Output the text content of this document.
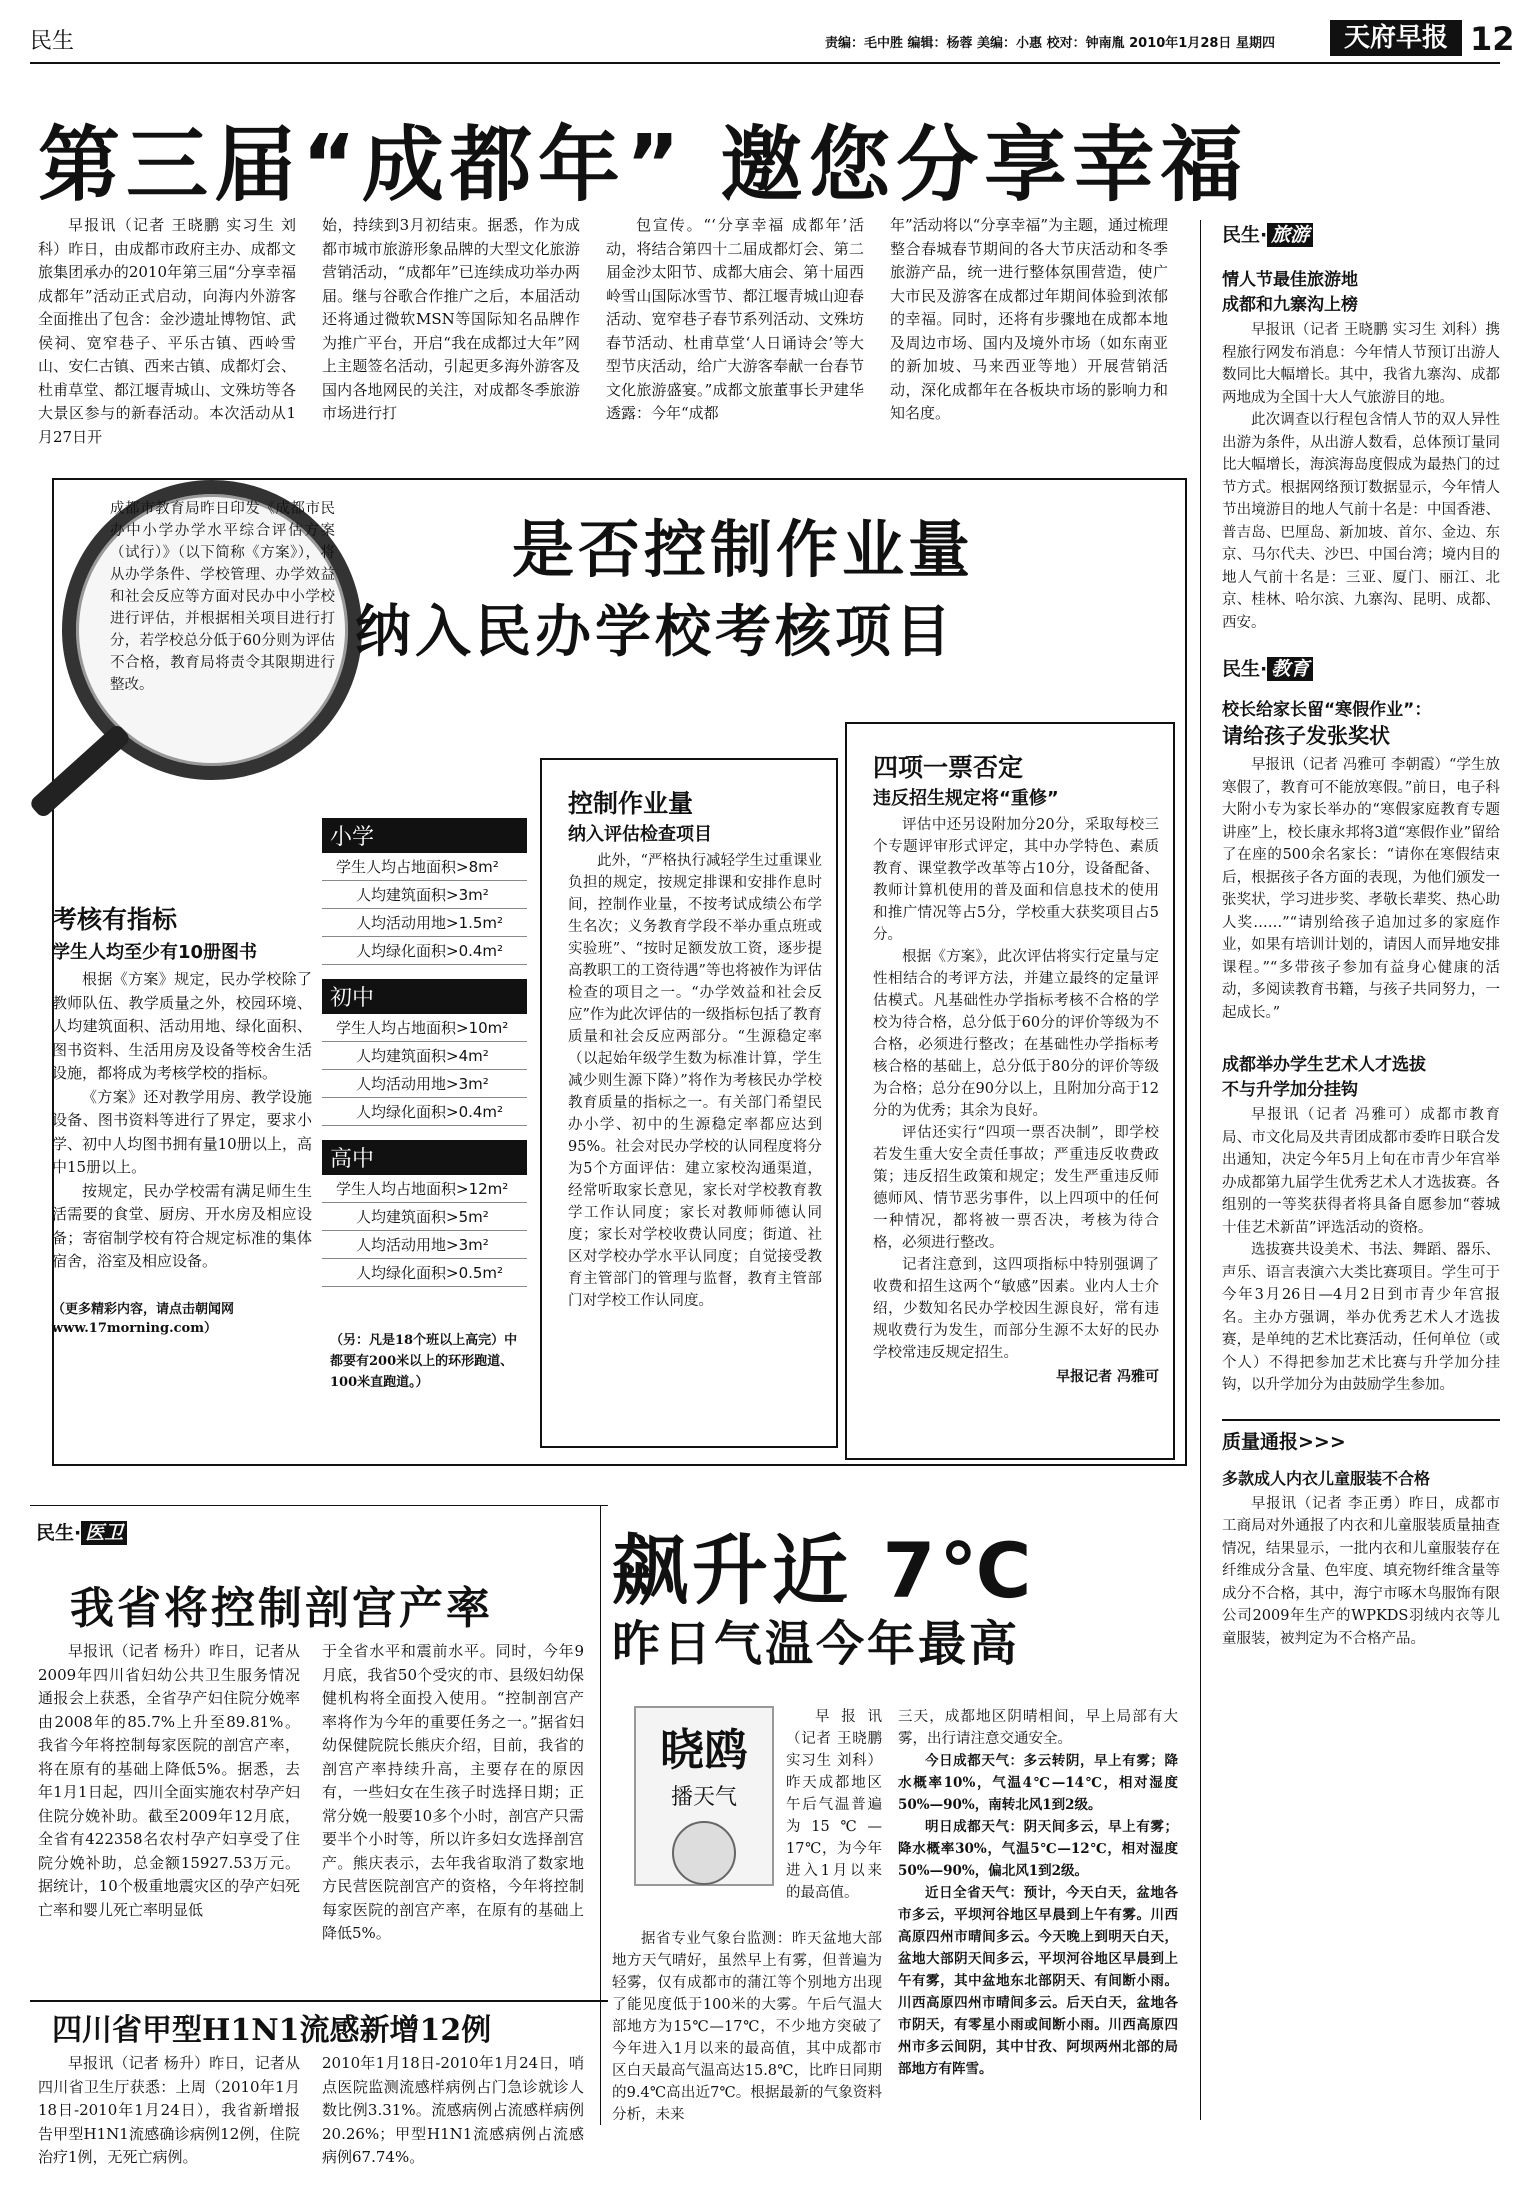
民生	责编：毛中胜 编辑：杨蓉 美编：小惠 校对：钟南胤 2010年1月28日 星期四	天府早报 12
第三届“成都年” 邀您分享幸福

早报讯（记者 王晓鹏 实习生 刘科）昨日，由成都市政府主办、成都文旅集团承办的2010年第三届“分享幸福 成都年”活动正式启动，向海内外游客全面推出了包含：金沙遗址博物馆、武侯祠、宽窄巷子、平乐古镇、西岭雪山、安仁古镇、西来古镇、成都灯会、杜甫草堂、都江堰青城山、文殊坊等各大景区参与的新春活动。本次活动从1月27日开

始，持续到3月初结束。据悉，作为成都市城市旅游形象品牌的大型文化旅游营销活动，“成都年”已连续成功举办两届。继与谷歌合作推广之后，本届活动还将通过微软MSN等国际知名品牌作为推广平台，开启“我在成都过大年”网上主题签名活动，引起更多海外游客及国内各地网民的关注，对成都冬季旅游市场进行打

包宣传。“‘分享幸福 成都年’活动，将结合第四十二届成都灯会、第二届金沙太阳节、成都大庙会、第十届西岭雪山国际冰雪节、都江堰青城山迎春活动、宽窄巷子春节系列活动、文殊坊春节活动、杜甫草堂‘人日诵诗会’等大型节庆活动，给广大游客奉献一台春节文化旅游盛宴。”成都文旅董事长尹建华透露：今年“成都

年”活动将以“分享幸福”为主题，通过梳理整合春城春节期间的各大节庆活动和冬季旅游产品，统一进行整体氛围营造，使广大市民及游客在成都过年期间体验到浓郁的幸福。同时，还将有步骤地在成都本地及周边市场、国内及境外市场（如东南亚的新加坡、马来西亚等地）开展营销活动，深化成都年在各板块市场的影响力和知名度。

成都市教育局昨日印发《成都市民办中小学办学水平综合评估方案（试行）》（以下简称《方案》），将从办学条件、学校管理、办学效益和社会反应等方面对民办中小学校进行评估，并根据相关项目进行打分，若学校总分低于60分则为评估不合格，教育局将责令其限期进行整改。
是否控制作业量
纳入民办学校考核项目
考核有指标
学生人均至少有10册图书

根据《方案》规定，民办学校除了教师队伍、教学质量之外，校园环境、人均建筑面积、活动用地、绿化面积、图书资料、生活用房及设备等校舍生活设施，都将成为考核学校的指标。

《方案》还对教学用房、教学设施设备、图书资料等进行了界定，要求小学、初中人均图书拥有量10册以上，高中15册以上。

按规定，民办学校需有满足师生生活需要的食堂、厨房、开水房及相应设备；寄宿制学校有符合规定标准的集体宿舍，浴室及相应设备。

（更多精彩内容，请点击朝闻网 www.17morning.com）
小学
学生人均占地面积>8m²
人均建筑面积>3m²
人均活动用地>1.5m²
人均绿化面积>0.4m²
初中
学生人均占地面积>10m²
人均建筑面积>4m²
人均活动用地>3m²
人均绿化面积>0.4m²
高中
学生人均占地面积>12m²
人均建筑面积>5m²
人均活动用地>3m²
人均绿化面积>0.5m²
（另：凡是18个班以上高完）中都要有200米以上的环形跑道、100米直跑道。）
控制作业量
纳入评估检查项目

此外，“严格执行减轻学生过重课业负担的规定，按规定排课和安排作息时间，控制作业量，不按考试成绩公布学生名次；义务教育学段不举办重点班或实验班”、“按时足额发放工资，逐步提高教职工的工资待遇”等也将被作为评估检查的项目之一。“办学效益和社会反应”作为此次评估的一级指标包括了教育质量和社会反应两部分。“生源稳定率（以起始年级学生数为标准计算，学生减少则生源下降）”将作为考核民办学校教育质量的指标之一。有关部门希望民办小学、初中的生源稳定率都应达到95%。社会对民办学校的认同程度将分为5个方面评估：建立家校沟通渠道，经常听取家长意见，家长对学校教育教学工作认同度；家长对教师师德认同度；家长对学校收费认同度；街道、社区对学校办学水平认同度；自觉接受教育主管部门的管理与监督，教育主管部门对学校工作认同度。

四项一票否定
违反招生规定将“重修”

评估中还另设附加分20分，采取每校三个专题评审形式评定，其中办学特色、素质教育、课堂教学改革等占10分，设备配备、教师计算机使用的普及面和信息技术的使用和推广情况等占5分，学校重大获奖项目占5分。

根据《方案》，此次评估将实行定量与定性相结合的考评方法，并建立最终的定量评估模式。凡基础性办学指标考核不合格的学校为待合格，总分低于60分的评价等级为不合格，必须进行整改；在基础性办学指标考核合格的基础上，总分低于80分的评价等级为合格；总分在90分以上，且附加分高于12分的为优秀；其余为良好。

评估还实行“四项一票否决制”，即学校若发生重大安全责任事故；严重违反收费政策；违反招生政策和规定；发生严重违反师德师风、情节恶劣事件，以上四项中的任何一种情况，都将被一票否决，考核为待合格，必须进行整改。

记者注意到，这四项指标中特别强调了收费和招生这两个“敏感”因素。业内人士介绍，少数知名民办学校因生源良好，常有违规收费行为发生，而部分生源不太好的民办学校常违反规定招生。

早报记者 冯雅可
民生· 旅游
情人节最佳旅游地
成都和九寨沟上榜

早报讯（记者 王晓鹏 实习生 刘科）携程旅行网发布消息：今年情人节预订出游人数同比大幅增长。其中，我省九寨沟、成都两地成为全国十大人气旅游目的地。

此次调查以行程包含情人节的双人异性出游为条件，从出游人数看，总体预订量同比大幅增长，海滨海岛度假成为最热门的过节方式。根据网络预订数据显示，今年情人节出境游目的地人气前十名是：中国香港、普吉岛、巴厘岛、新加坡、首尔、金边、东京、马尔代夫、沙巴、中国台湾；境内目的地人气前十名是：三亚、厦门、丽江、北京、桂林、哈尔滨、九寨沟、昆明、成都、西安。

民生· 教育
校长给家长留“寒假作业”：
请给孩子发张奖状

早报讯（记者 冯雅可 李朝霞）“学生放寒假了，教育可不能放寒假。”前日，电子科大附小专为家长举办的“寒假家庭教育专题讲座”上，校长康永邦将3道“寒假作业”留给了在座的500余名家长：“请你在寒假结束后，根据孩子各方面的表现，为他们颁发一张奖状，学习进步奖、孝敬长辈奖、热心助人奖……”“请别给孩子追加过多的家庭作业，如果有培训计划的，请因人而异地安排课程。”“多带孩子参加有益身心健康的活动，多阅读教育书籍，与孩子共同努力，一起成长。”

成都举办学生艺术人才选拔
不与升学加分挂钩

早报讯（记者 冯雅可）成都市教育局、市文化局及共青团成都市委昨日联合发出通知，决定今年5月上旬在市青少年宫举办成都第九届学生优秀艺术人才选拔赛。各组别的一等奖获得者将具备自愿参加“蓉城十佳艺术新苗”评选活动的资格。

选拔赛共设美术、书法、舞蹈、器乐、声乐、语言表演六大类比赛项目。学生可于今年3月26日—4月2日到市青少年宫报名。主办方强调，举办优秀艺术人才选拔赛，是单纯的艺术比赛活动，任何单位（或个人）不得把参加艺术比赛与升学加分挂钩，以升学加分为由鼓励学生参加。

质量通报>>>
多款成人内衣儿童服装不合格

早报讯（记者 李正勇）昨日，成都市工商局对外通报了内衣和儿童服装质量抽查情况，结果显示，一批内衣和儿童服装存在纤维成分含量、色牢度、填充物纤维含量等成分不合格，其中，海宁市啄木鸟服饰有限公司2009年生产的WPKDS羽绒内衣等儿童服装，被判定为不合格产品。

民生· 医卫
我省将控制剖宫产率

早报讯（记者 杨升）昨日，记者从2009年四川省妇幼公共卫生服务情况通报会上获悉，全省孕产妇住院分娩率由2008年的85.7%上升至89.81%。我省今年将控制每家医院的剖宫产率，将在原有的基础上降低5%。据悉，去年1月1日起，四川全面实施农村孕产妇住院分娩补助。截至2009年12月底，全省有422358名农村孕产妇享受了住院分娩补助，总金额15927.53万元。据统计，10个极重地震灾区的孕产妇死亡率和婴儿死亡率明显低

于全省水平和震前水平。同时，今年9月底，我省50个受灾的市、县级妇幼保健机构将全面投入使用。“控制剖宫产率将作为今年的重要任务之一。”据省妇幼保健院院长熊庆介绍，目前，我省的剖宫产率持续升高，主要存在的原因有，一些妇女在生孩子时选择日期；正常分娩一般要10多个小时，剖宫产只需要半个小时等，所以许多妇女选择剖宫产。熊庆表示，去年我省取消了数家地方民营医院剖宫产的资格，今年将控制每家医院的剖宫产率，在原有的基础上降低5%。

四川省甲型H1N1流感新增12例

早报讯（记者 杨升）昨日，记者从四川省卫生厅获悉：上周（2010年1月18日-2010年1月24日），我省新增报告甲型H1N1流感确诊病例12例，住院治疗1例，无死亡病例。

2010年1月18日-2010年1月24日，哨点医院监测流感样病例占门急诊就诊人数比例3.31%。流感病例占流感样病例20.26%；甲型H1N1流感病例占流感病例67.74%。

飙升近 7℃
昨日气温今年最高
晓鸥
播天气

早报讯（记者 王晓鹏 实习生 刘科）昨天成都地区午后气温普遍为15℃—17℃，为今年进入1月以来的最高值。

据省专业气象台监测：昨天盆地大部地方天气晴好，虽然早上有雾，但普遍为轻雾，仅有成都市的蒲江等个别地方出现了能见度低于100米的大雾。午后气温大部地方为15℃—17℃，不少地方突破了今年进入1月以来的最高值，其中成都市区白天最高气温高达15.8℃，比昨日同期的9.4℃高出近7℃。根据最新的气象资料分析，未来

三天，成都地区阴晴相间，早上局部有大雾，出行请注意交通安全。

今日成都天气：多云转阴，早上有雾；降水概率10%，气温4℃—14℃，相对湿度50%—90%，南转北风1到2级。

明日成都天气：阴天间多云，早上有雾；降水概率30%，气温5℃—12℃，相对湿度50%—90%，偏北风1到2级。

近日全省天气：预计，今天白天，盆地各市多云，平坝河谷地区早晨到上午有雾。川西高原四州市晴间多云。今天晚上到明天白天，盆地大部阴天间多云，平坝河谷地区早晨到上午有雾，其中盆地东北部阴天、有间断小雨。川西高原四州市晴间多云。后天白天，盆地各市阴天，有零星小雨或间断小雨。川西高原四州市多云间阴，其中甘孜、阿坝两州北部的局部地方有阵雪。
